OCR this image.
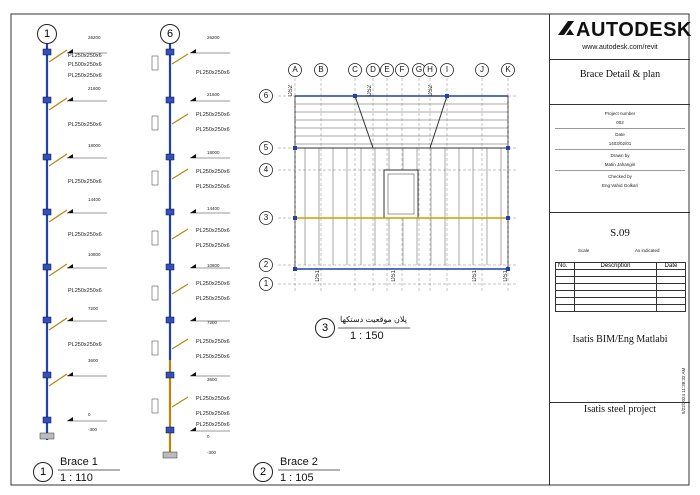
1	6
PL250x250x6
PL500x250x6
PL250x250x6
PL250x250x6
PL250x250x6
PL250x250x6
PL250x250x6
PL250x250x6
PL250x250x6
PL250x250x6
PL250x250x6
PL250x250x6
PL250x250x6
PL250x250x6
PL250x250x6
PL250x250x6
PL250x250x6
PL250x250x6
PL250x250x6
PL250x250x6
PL250x250x6
PL250x250x6
26200
21600
18000
14400
10800
7200
3600
0
-300
26200
21600
18000
14400
10800
7200
3600
0
-300
1
Brace 1
1 : 110	2
Brace 2
1 : 105
3
پلان موقعیت دستکها
1 : 150
A	B	C	D	E	F	G H	I	J	K
6
5
4
3
2
1
DS2	DS2	DS2
DS1	DS1	DS1	DS1
AUTODESK
www.autodesk.com/revit
Brace Detail & plan
Project number
002
Date
1403/02/01
Drawn by
Matin Jahangiri
Checked by
Eng Vahid Golkari
S.09
Scale	As indicated
No.	Description	Date

Isatis BIM/Eng Matlabi
Isatis steel project	5/22/2024 11:38:32 AM
